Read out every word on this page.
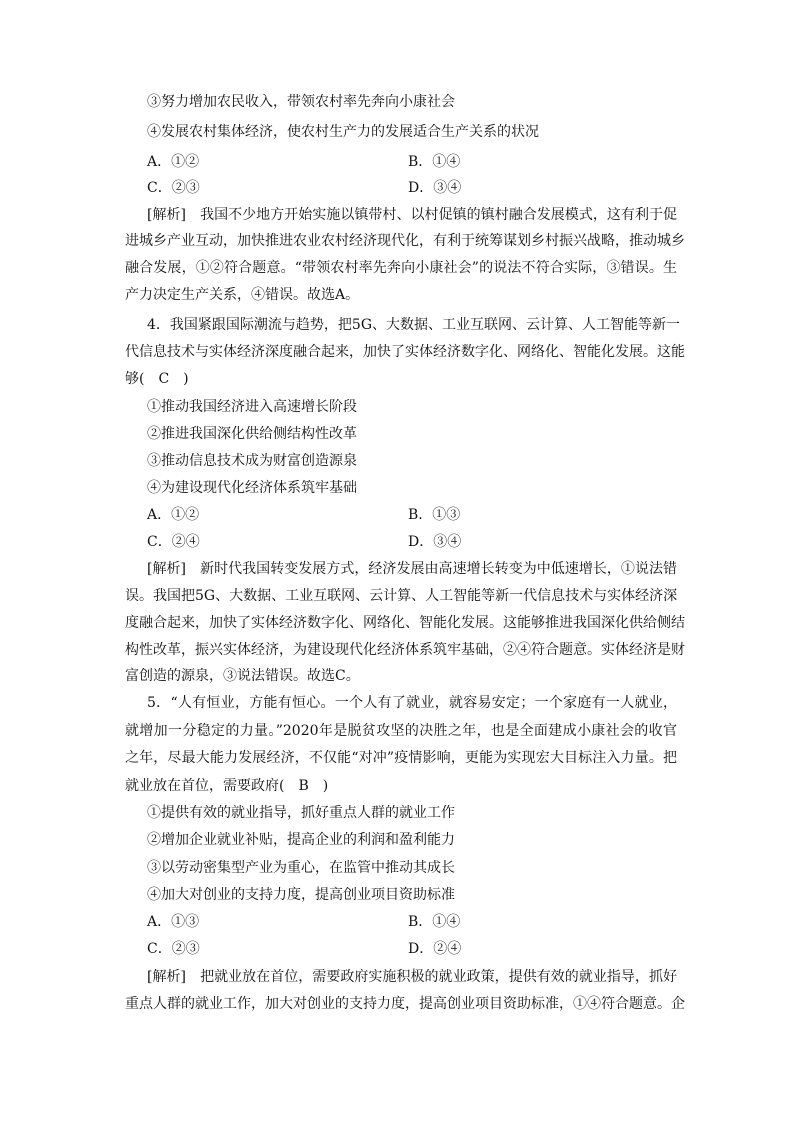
③努力增加农民收入，带领农村率先奔向小康社会
④发展农村集体经济，使农村生产力的发展适合生产关系的状况
A．①②	B．①④
C．②③	D．③④
[解析]　我国不少地方开始实施以镇带村、以村促镇的镇村融合发展模式，这有利于促
进城乡产业互动，加快推进农业农村经济现代化，有利于统筹谋划乡村振兴战略，推动城乡
融合发展，①②符合题意。“带领农村率先奔向小康社会”的说法不符合实际，③错误。生
产力决定生产关系，④错误。故选A。
4．我国紧跟国际潮流与趋势，把5G、大数据、工业互联网、云计算、人工智能等新一
代信息技术与实体经济深度融合起来，加快了实体经济数字化、网络化、智能化发展。这能
够(　C　)
①推动我国经济进入高速增长阶段
②推进我国深化供给侧结构性改革
③推动信息技术成为财富创造源泉
④为建设现代化经济体系筑牢基础
A．①②	B．①③
C．②④	D．③④
[解析]　新时代我国转变发展方式，经济发展由高速增长转变为中低速增长，①说法错
误。我国把5G、大数据、工业互联网、云计算、人工智能等新一代信息技术与实体经济深
度融合起来，加快了实体经济数字化、网络化、智能化发展。这能够推进我国深化供给侧结
构性改革，振兴实体经济，为建设现代化经济体系筑牢基础，②④符合题意。实体经济是财
富创造的源泉，③说法错误。故选C。
5．“人有恒业，方能有恒心。一个人有了就业，就容易安定；一个家庭有一人就业，
就增加一分稳定的力量。”2020年是脱贫攻坚的决胜之年，也是全面建成小康社会的收官
之年，尽最大能力发展经济，不仅能“对冲”疫情影响，更能为实现宏大目标注入力量。把
就业放在首位，需要政府(　B　)
①提供有效的就业指导，抓好重点人群的就业工作
②增加企业就业补贴，提高企业的利润和盈利能力
③以劳动密集型产业为重心，在监管中推动其成长
④加大对创业的支持力度，提高创业项目资助标准
A．①③	B．①④
C．②③	D．②④
[解析]　把就业放在首位，需要政府实施积极的就业政策，提供有效的就业指导，抓好
重点人群的就业工作，加大对创业的支持力度，提高创业项目资助标准，①④符合题意。企
